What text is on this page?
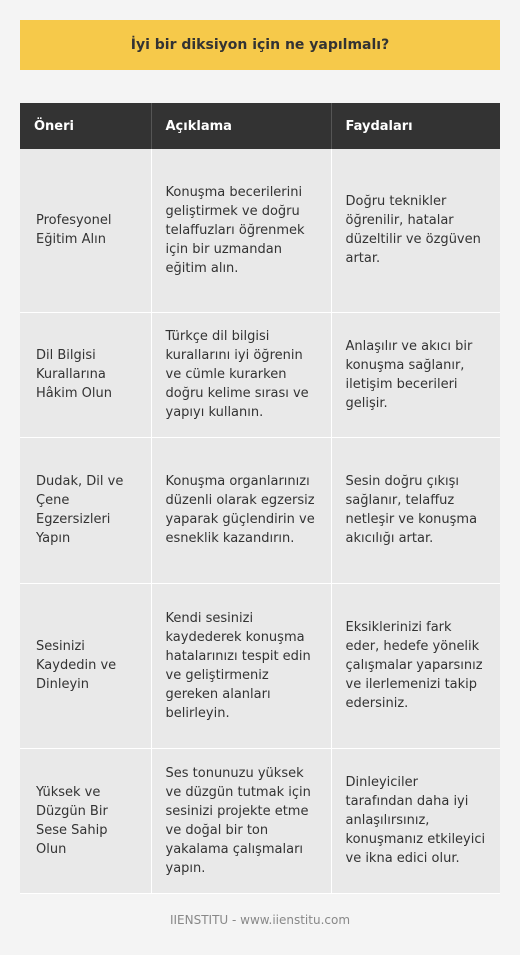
İyi bir diksiyon için ne yapılmalı?
Öneri	Açıklama	Faydaları
Profesyonel Eğitim Alın	Konuşma becerilerini geliştirmek ve doğru telaffuzları öğrenmek için bir uzmandan eğitim alın.	Doğru teknikler öğrenilir, hatalar düzeltilir ve özgüven artar.
Dil Bilgisi Kurallarına Hâkim Olun	Türkçe dil bilgisi kurallarını iyi öğrenin ve cümle kurarken doğru kelime sırası ve yapıyı kullanın.	Anlaşılır ve akıcı bir konuşma sağlanır, iletişim becerileri gelişir.
Dudak, Dil ve Çene Egzersizleri Yapın	Konuşma organlarınızı düzenli olarak egzersiz yaparak güçlendirin ve esneklik kazandırın.	Sesin doğru çıkışı sağlanır, telaffuz netleşir ve konuşma akıcılığı artar.
Sesinizi Kaydedin ve Dinleyin	Kendi sesinizi kaydederek konuşma hatalarınızı tespit edin ve geliştirmeniz gereken alanları belirleyin.	Eksiklerinizi fark eder, hedefe yönelik çalışmalar yaparsınız ve ilerlemenizi takip edersiniz.
Yüksek ve Düzgün Bir Sese Sahip Olun	Ses tonunuzu yüksek ve düzgün tutmak için sesinizi projekte etme ve doğal bir ton yakalama çalışmaları yapın.	Dinleyiciler tarafından daha iyi anlaşılırsınız, konuşmanız etkileyici ve ikna edici olur.
IIENSTITU - www.iienstitu.com
